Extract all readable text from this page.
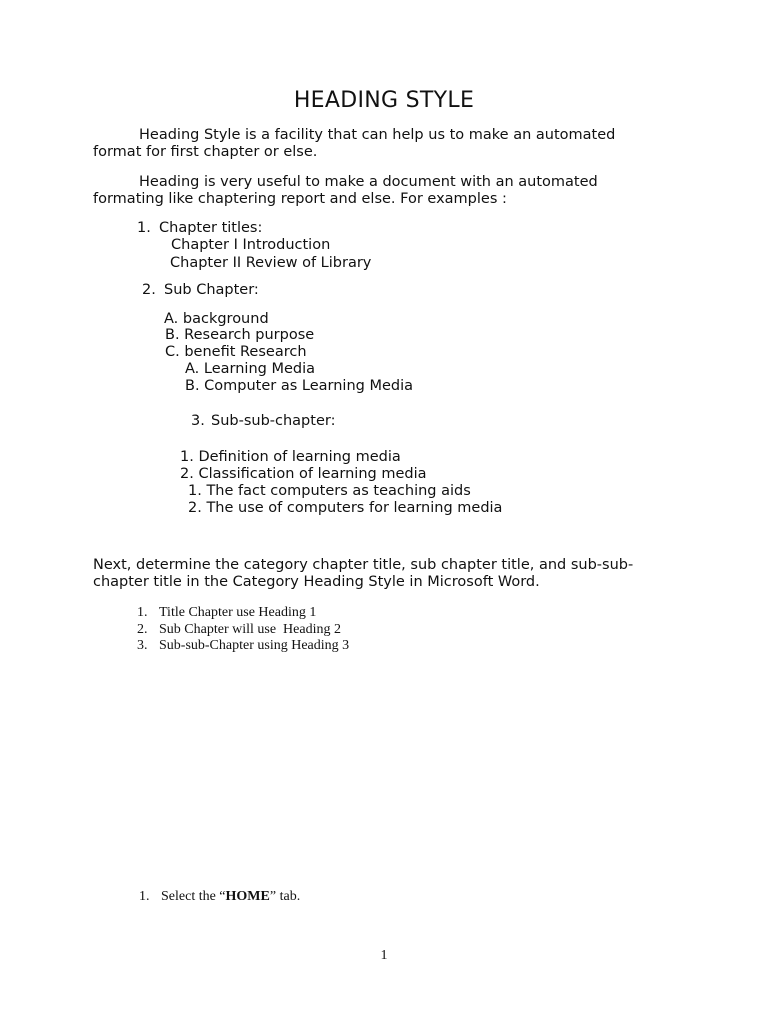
HEADING STYLE
Heading Style is a facility that can help us to make an automated
format for first chapter or else.
Heading is very useful to make a document with an automated
formating like chaptering report and else. For examples :
1. Chapter titles:
Chapter I Introduction
Chapter II Review of Library
2. Sub Chapter:
A. background
B. Research purpose
C. benefit Research
A. Learning Media
B. Computer as Learning Media
3. Sub-sub-chapter:
1. Definition of learning media
2. Classification of learning media
1. The fact computers as teaching aids
2. The use of computers for learning media
Next, determine the category chapter title, sub chapter title, and sub-sub-
chapter title in the Category Heading Style in Microsoft Word.
1. Title Chapter use Heading 1
2. Sub Chapter will use  Heading 2
3. Sub-sub-Chapter using Heading 3
1. Select the “HOME” tab.
1
